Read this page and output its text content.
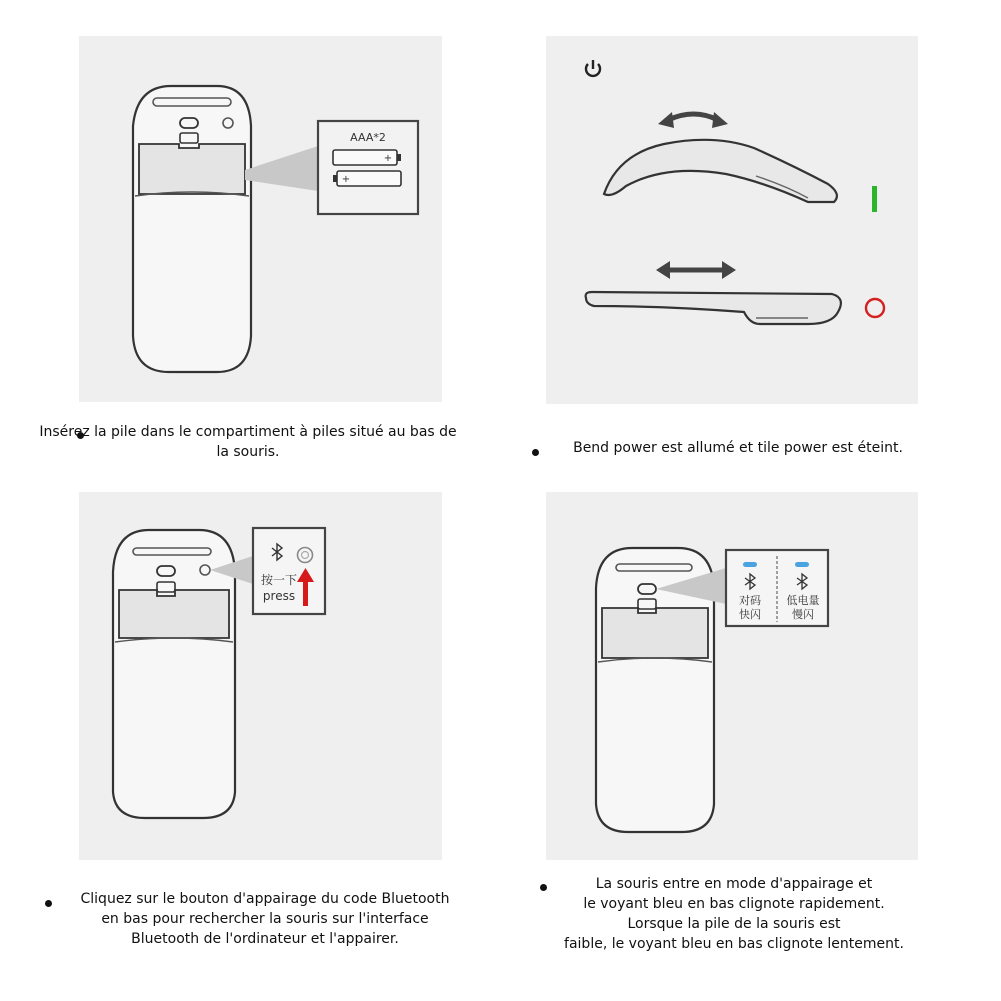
AAA*2
+
+
按一下
press	对码
快闪
低电量
慢闪
Insérez la pile dans le compartiment à piles situé au bas de
la souris.	Bend power est allumé et tile power est éteint.
Cliquez sur le bouton d'appairage du code Bluetooth
en bas pour rechercher la souris sur l'interface
Bluetooth de l'ordinateur et l'appairer.
La souris entre en mode d'appairage et
le voyant bleu en bas clignote rapidement.
Lorsque la pile de la souris est
faible, le voyant bleu en bas clignote lentement.
